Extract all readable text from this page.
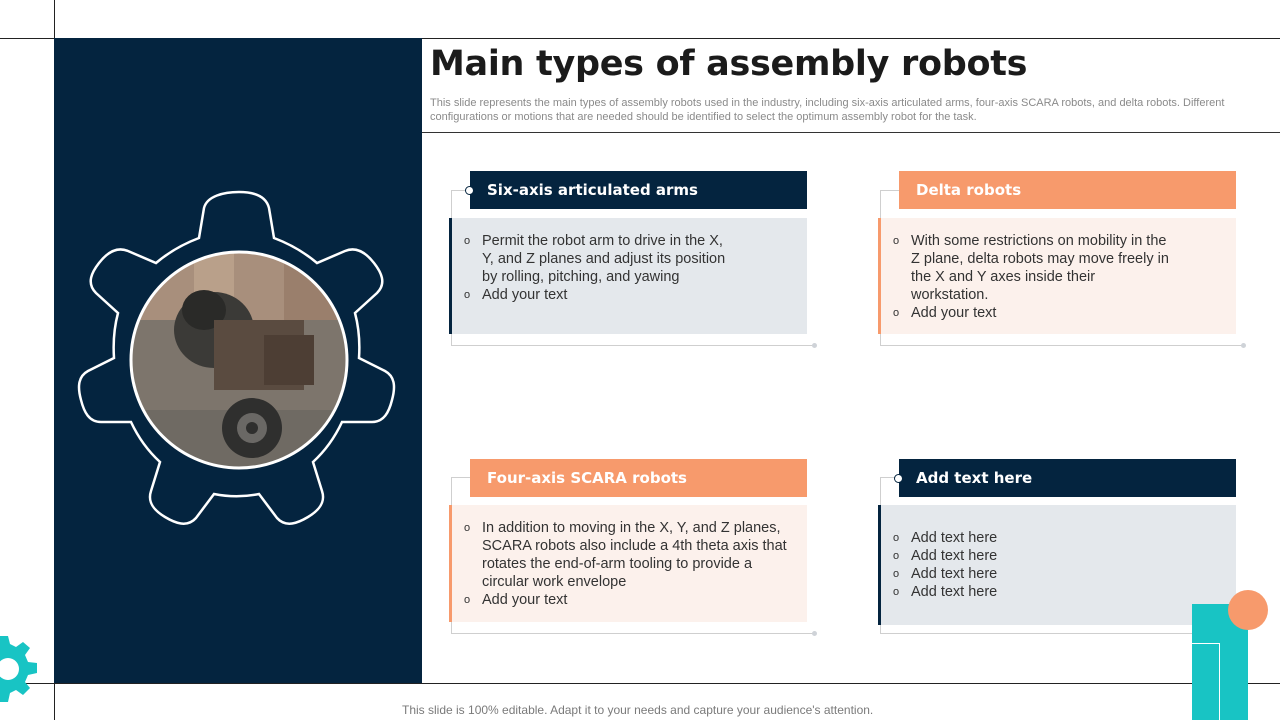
Main types of assembly robots
This slide represents the main types of assembly robots used in the industry, including six-axis articulated arms, four-axis SCARA robots, and delta robots. Different configurations or motions that are needed should be identified to select the optimum assembly robot for the task.
Six-axis articulated arms
o Permit the robot arm to drive in the X, Y, and Z planes and adjust its position by rolling, pitching, and yawing
o Add your text
Delta robots
o With some restrictions on mobility in the Z plane, delta robots may move freely in the X and Y axes inside their workstation.
o Add your text
Four-axis SCARA robots
o In addition to moving in the X, Y, and Z planes, SCARA robots also include a 4th theta axis that rotates the end-of-arm tooling to provide a circular work envelope
o Add your text
Add text here
o Add text here
o Add text here
o Add text here
o Add text here
This slide is 100% editable. Adapt it to your needs and capture your audience's attention.
